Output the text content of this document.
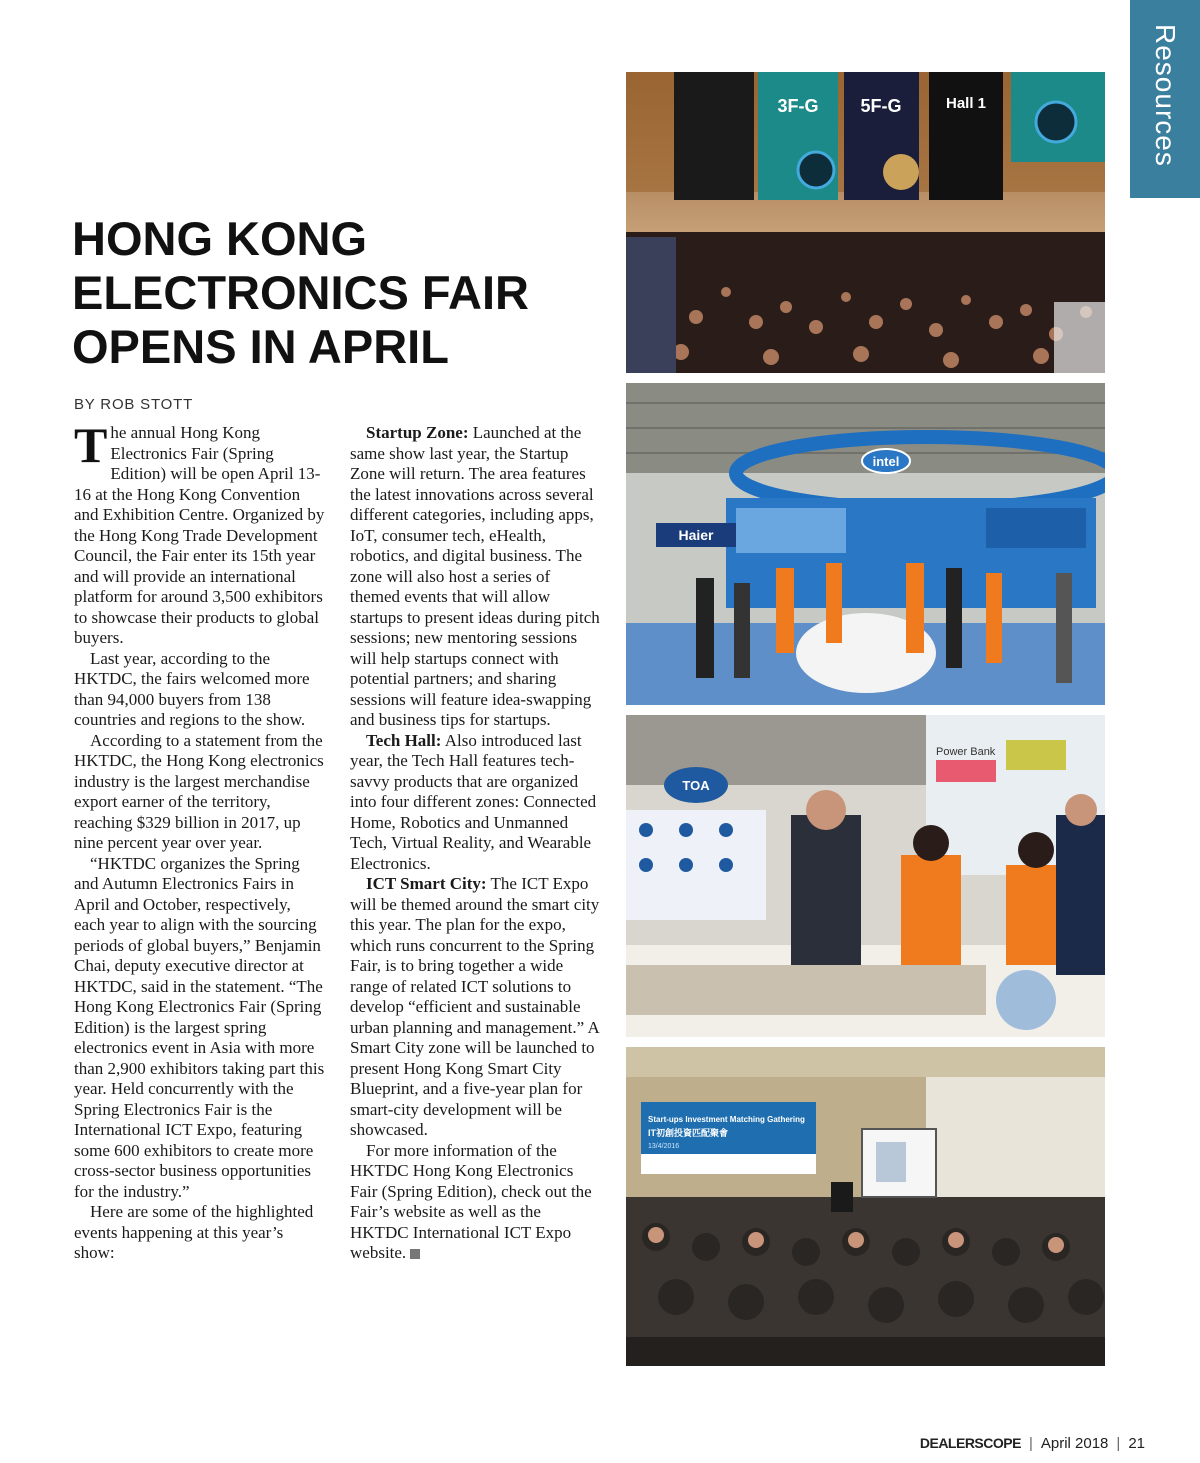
Resources
HONG KONG
ELECTRONICS FAIR
OPENS IN APRIL
BY ROB STOTT

The annual Hong Kong Electronics Fair (Spring Edition) will be open April 13-16 at the Hong Kong Convention and Exhibition Centre. Organized by the Hong Kong Trade Development Council, the Fair enter its 15th year and will provide an international platform for around 3,500 exhibitors to showcase their products to global buyers.

Last year, according to the HKTDC, the fairs welcomed more than 94,000 buyers from 138 countries and regions to the show.

According to a statement from the HKTDC, the Hong Kong electronics industry is the largest merchandise export earner of the territory, reaching $329 billion in 2017, up nine percent year over year.

“HKTDC organizes the Spring and Autumn Electronics Fairs in April and October, respectively, each year to align with the sourcing periods of global buyers,” Benjamin Chai, deputy executive director at HKTDC, said in the statement. “The Hong Kong Electronics Fair (Spring Edition) is the largest spring electronics event in Asia with more than 2,900 exhibitors taking part this year. Held concurrently with the Spring Electronics Fair is the International ICT Expo, featuring some 600 exhibitors to create more cross-sector business opportunities for the industry.”

Here are some of the highlighted events happening at this year’s show:

Startup Zone: Launched at the same show last year, the Startup Zone will return. The area features the latest innovations across several different categories, including apps, IoT, consumer tech, eHealth, robotics, and digital business. The zone will also host a series of themed events that will allow startups to present ideas during pitch sessions; new mentoring sessions will help startups connect with potential partners; and sharing sessions will feature idea-swapping and business tips for startups.

Tech Hall: Also introduced last year, the Tech Hall features tech-savvy products that are organized into four different zones: Connected Home, Robotics and Unmanned Tech, Virtual Reality, and Wearable Electronics.

ICT Smart City: The ICT Expo will be themed around the smart city this year. The plan for the expo, which runs concurrent to the Spring Fair, is to bring together a wide range of related ICT solutions to develop “efficient and sustainable urban planning and management.” A Smart City zone will be launched to present Hong Kong Smart City Blueprint, and a five-year plan for smart-city development will be showcased.

For more information of the HKTDC Hong Kong Electronics Fair (Spring Edition), check out the Fair’s website as well as the HKTDC International ICT Expo website.

3F-G 5F-G	Hall 1
intel
Haier
Power Bank
TOA
Start-ups Investment Matching Gathering
IT初創投資匹配聚會
13/4/2016
DEALERSCOPE | April 2018 | 21
